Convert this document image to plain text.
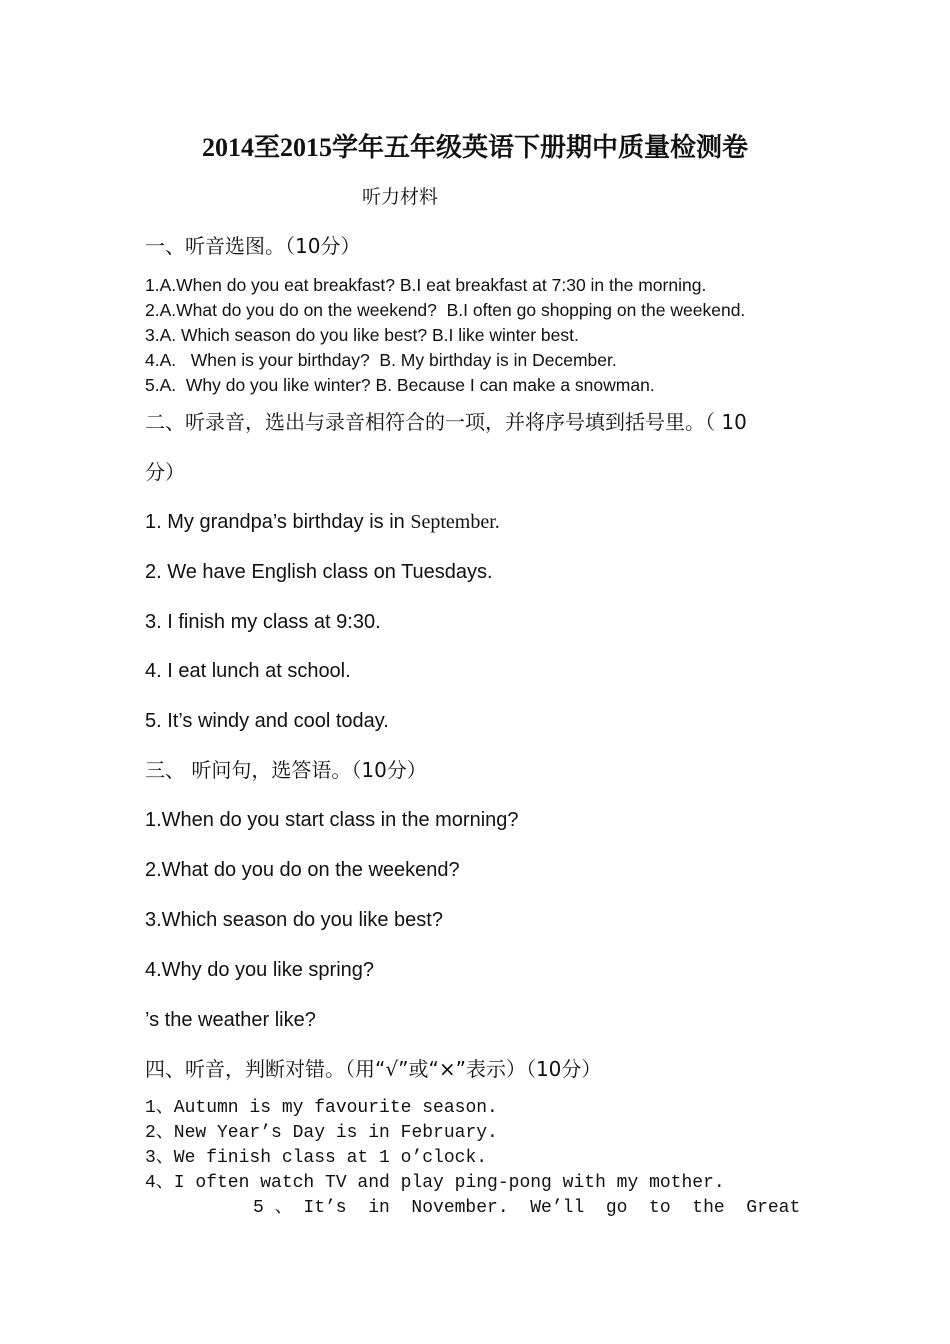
2014至2015学年五年级英语下册期中质量检测卷
听力材料
一、听音选图。（10分）
1.A.When do you eat breakfast? B.I eat breakfast at 7:30 in the morning.
2.A.What do you do on the weekend?  B.I often go shopping on the weekend.
3.A. Which season do you like best? B.I like winter best.
4.A.   When is your birthday?  B. My birthday is in December.
5.A.  Why do you like winter? B. Because I can make a snowman.
二、听录音，选出与录音相符合的一项，并将序号填到括号里。（ 10
分）
1. My grandpa’s birthday is in September.
2. We have English class on Tuesdays.
3. I finish my class at 9:30.
4. I eat lunch at school.
5. It’s windy and cool today.
三、 听问句，选答语。（10分）
1.When do you start class in the morning?
2.What do you do on the weekend?
3.Which season do you like best?
4.Why do you like spring?
’s the weather like?
四、听音，判断对错。（用“√”或“×”表示）（10分）
1、Autumn is my favourite season.
2、New Year’s Day is in February.
3、We finish class at 1 o’clock.
4、I often watch TV and play ping-pong with my mother.
5 、 It’s  in  November.  We’ll  go  to  the  Great
